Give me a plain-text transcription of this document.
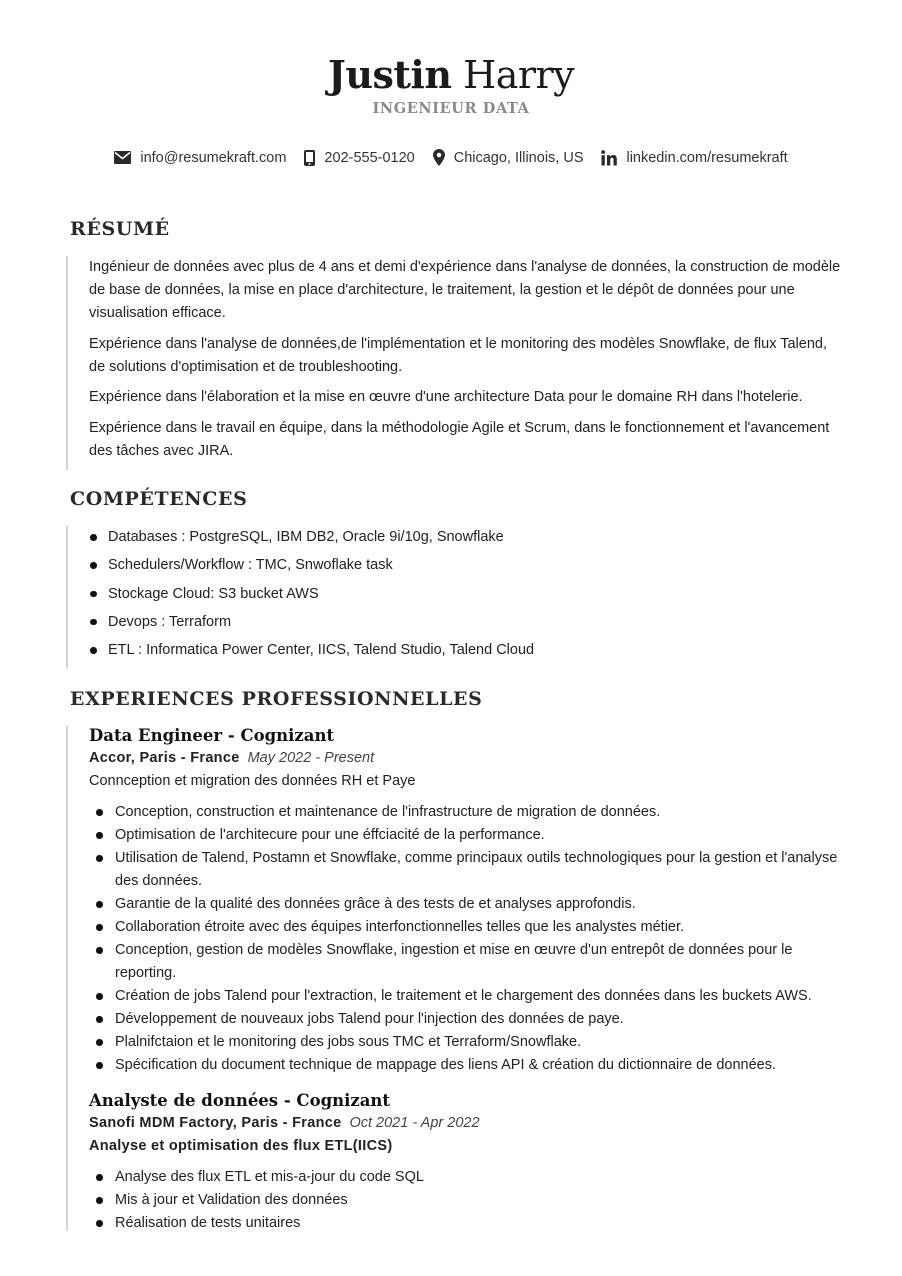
Justin Harry
INGENIEUR DATA
info@resumekraft.com	202-555-0120	Chicago, Illinois, US	linkedin.com/resumekraft
RÉSUMÉ

Ingénieur de données avec plus de 4 ans et demi d'expérience dans l'analyse de données, la construction de modèle de base de données, la mise en place d'architecture, le traitement, la gestion et le dépôt de données pour une visualisation efficace.

Expérience dans l'analyse de données,de l'implémentation et le monitoring des modèles Snowflake, de flux Talend, de solutions d'optimisation et de troubleshooting.

Expérience dans l'élaboration et la mise en œuvre d'une architecture Data pour le domaine RH dans l'hotelerie.

Expérience dans le travail en équipe, dans la méthodologie Agile et Scrum, dans le fonctionnement et l'avancement des tâches avec JIRA.

COMPÉTENCES
Databases : PostgreSQL, IBM DB2, Oracle 9i/10g, Snowflake
Schedulers/Workflow : TMC, Snwoflake task
Stockage Cloud: S3 bucket AWS
Devops : Terraform
ETL : Informatica Power Center, IICS, Talend Studio, Talend Cloud
EXPERIENCES PROFESSIONNELLES
Data Engineer - Cognizant
Accor, Paris - France May 2022 - Present
Connception et migration des données RH et Paye
Conception, construction et maintenance de l'infrastructure de migration de données.
Optimisation de l'architecure pour une éffciacité de la performance.
Utilisation de Talend, Postamn et Snowflake, comme principaux outils technologiques pour la gestion et l'analyse des données.
Garantie de la qualité des données grâce à des tests de et analyses approfondis.
Collaboration étroite avec des équipes interfonctionnelles telles que les analystes métier.
Conception, gestion de modèles Snowflake, ingestion et mise en œuvre d'un entrepôt de données pour le reporting.
Création de jobs Talend pour l'extraction, le traitement et le chargement des données dans les buckets AWS.
Développement de nouveaux jobs Talend pour l'injection des données de paye.
Plalnifctaion et le monitoring des jobs sous TMC et Terraform/Snowflake.
Spécification du document technique de mappage des liens API & création du dictionnaire de données.
Analyste de données - Cognizant
Sanofi MDM Factory, Paris - France Oct 2021 - Apr 2022
Analyse et optimisation des flux ETL(IICS)
Analyse des flux ETL et mis-a-jour du code SQL
Mis à jour et Validation des données
Réalisation de tests unitaires
